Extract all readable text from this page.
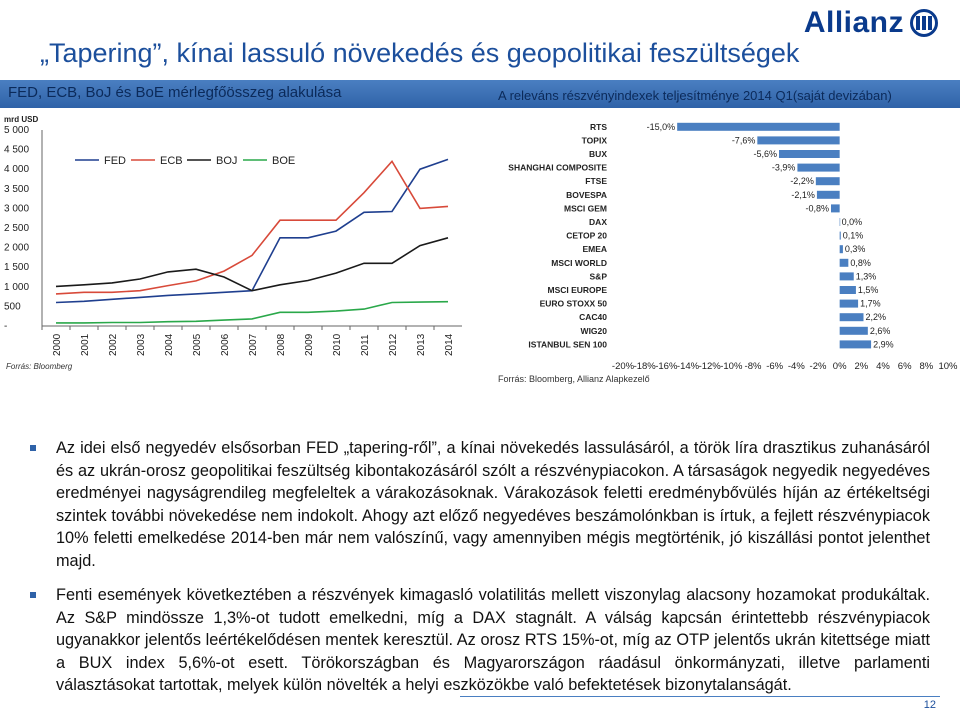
Allianz
„Tapering”, kínai lassuló növekedés és geopolitikai feszültségek
FED, ECB, BoJ és BoE mérlegfőösszeg alakulása	A releváns részvényindexek teljesítménye 2014 Q1(saját devizában)
mrd USD
5 000
4 500
4 000
3 500
3 000
2 500
2 000
1 500
1 000
500
-
2000 2001 2002 2003 2004 2005 2006 2007 2008 2009 2010 2011 2012 2013 2014
FED	ECB	BOJ	BOE
Forrás: Bloomberg
RTS	-15,0%
TOPIX	-7,6%
BUX	-5,6%
SHANGHAI COMPOSITE	-3,9%
FTSE	-2,2%
BOVESPA	-2,1%
MSCI GEM	-0,8%
DAX	0,0%
CETOP 20	0,1%
EMEA	0,3%
MSCI WORLD	0,8%
S&P	1,3%
MSCI EUROPE	1,5%
EURO STOXX 50	1,7%
CAC40	2,2%
WIG20	2,6%
ISTANBUL SEN 100	2,9%
-20% -18% -16% -14% -12% -10% -8% -6% -4% -2% 0% 2% 4% 6% 8% 10%
Forrás: Bloomberg, Allianz Alapkezelő
Az idei első negyedév elsősorban FED „tapering-ről”, a kínai növekedés lassulásáról, a török líra drasztikus zuhanásáról és az ukrán-orosz geopolitikai feszültség kibontakozásáról szólt a részvénypiacokon. A társaságok negyedik negyedéves eredményei nagyságrendileg megfeleltek a várakozásoknak. Várakozások feletti eredménybővülés híján az értékeltségi szintek további növekedése nem indokolt. Ahogy azt előző negyedéves beszámolónkban is írtuk, a fejlett részvénypiacok 10% feletti emelkedése 2014-ben már nem valószínű, vagy amennyiben mégis megtörténik, jó kiszállási pontot jelenthet majd.
Fenti események következtében a részvények kimagasló volatilitás mellett viszonylag alacsony hozamokat produkáltak. Az S&P mindössze 1,3%-ot tudott emelkedni, míg a DAX stagnált. A válság kapcsán érintettebb részvénypiacok ugyanakkor jelentős leértékelődésen mentek keresztül. Az orosz RTS 15%-ot, míg az OTP jelentős ukrán kitettsége miatt a BUX index 5,6%-ot esett. Törökországban és Magyarországon ráadásul önkormányzati, illetve parlamenti választásokat tartottak, melyek külön növelték a helyi eszközökbe való befektetések bizonytalanságát.
12
